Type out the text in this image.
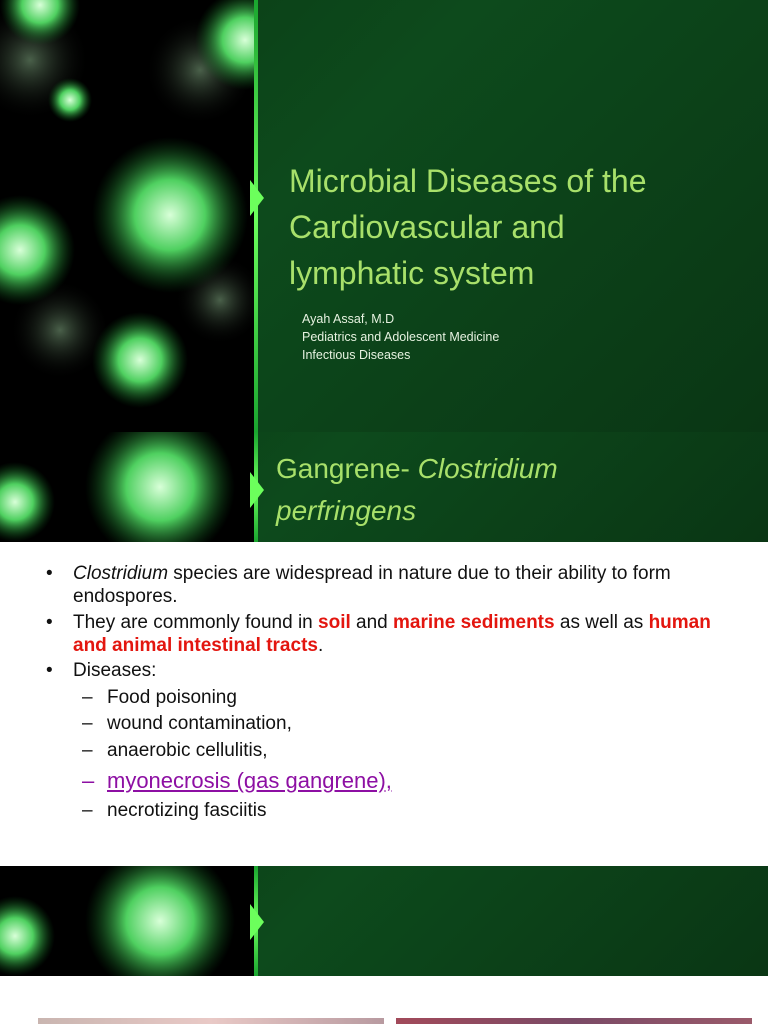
Microbial Diseases of the
Cardiovascular and
lymphatic system
Ayah Assaf, M.D
Pediatrics and Adolescent Medicine
Infectious Diseases
Gangrene- Clostridium
perfringens
• Clostridium species are widespread in nature due to their ability to form endospores.
• They are commonly found in soil and marine sediments as well as human and animal intestinal tracts.
• Diseases:
– Food poisoning
– wound contamination,
– anaerobic cellulitis,
– myonecrosis (gas gangrene),
– necrotizing fasciitis
